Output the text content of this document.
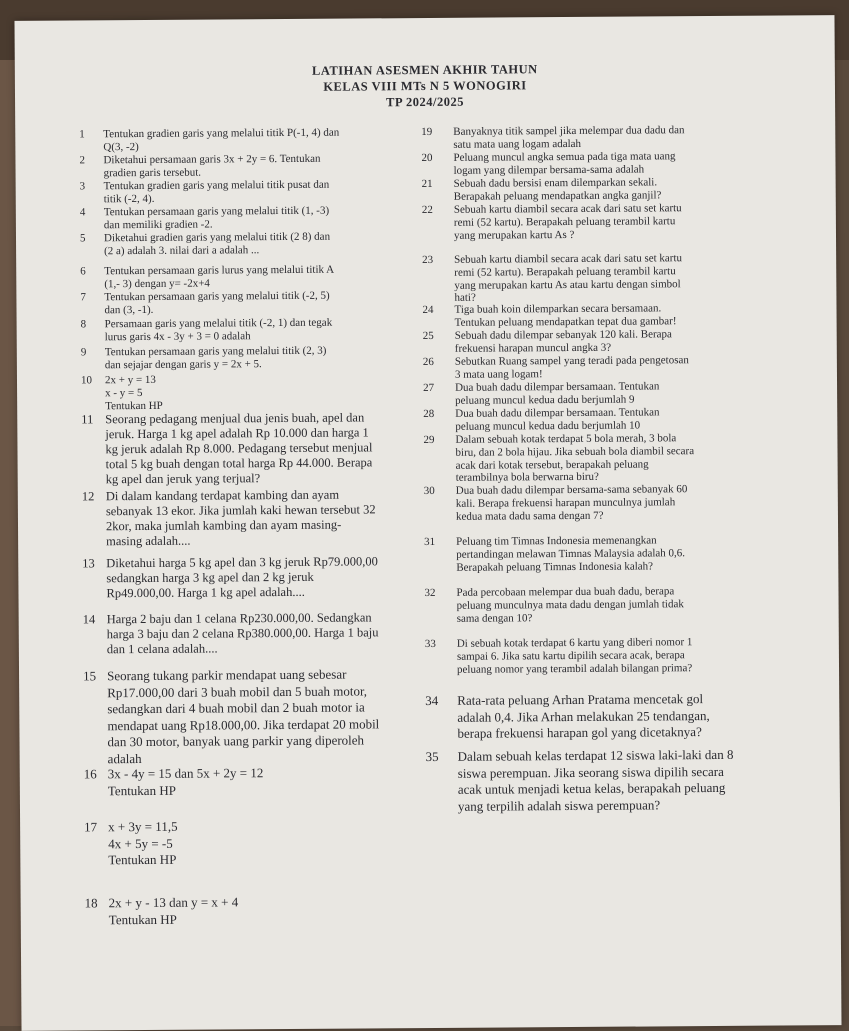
LATIHAN ASESMEN AKHIR TAHUN
KELAS VIII MTs N 5 WONOGIRI
TP 2024/2025
1	Tentukan gradien garis yang melalui titik P(-1, 4) dan
Q(3, -2)
2	Diketahui persamaan garis 3x + 2y = 6. Tentukan
gradien garis tersebut.
3	Tentukan gradien garis yang melalui titik pusat dan
titik (-2, 4).
4	Tentukan persamaan garis yang melalui titik (1, -3)
dan memiliki gradien -2.
5	Diketahui gradien garis yang melalui titik (2 8) dan
(2 a) adalah 3. nilai dari a adalah ...
6	Tentukan persamaan garis lurus yang melalui titik A
(1,- 3) dengan y= -2x+4
7	Tentukan persamaan garis yang melalui titik (-2, 5)
dan (3, -1).
8	Persamaan garis yang melalui titik (-2, 1) dan tegak
lurus garis 4x - 3y + 3 = 0 adalah
9	Tentukan persamaan garis yang melalui titik (2, 3)
dan sejajar dengan garis y = 2x + 5.
10	2x + y = 13
x - y = 5
Tentukan HP
11 Seorang pedagang menjual dua jenis buah, apel dan
jeruk. Harga 1 kg apel adalah Rp 10.000 dan harga 1
kg jeruk adalah Rp 8.000. Pedagang tersebut menjual
total 5 kg buah dengan total harga Rp 44.000. Berapa
kg apel dan jeruk yang terjual?
12 Di dalam kandang terdapat kambing dan ayam
sebanyak 13 ekor. Jika jumlah kaki hewan tersebut 32
2kor, maka jumlah kambing dan ayam masing-
masing adalah....
13 Diketahui harga 5 kg apel dan 3 kg jeruk Rp79.000,00
sedangkan harga 3 kg apel dan 2 kg jeruk
Rp49.000,00. Harga 1 kg apel adalah....
14 Harga 2 baju dan 1 celana Rp230.000,00. Sedangkan
harga 3 baju dan 2 celana Rp380.000,00. Harga 1 baju
dan 1 celana adalah....
15 Seorang tukang parkir mendapat uang sebesar
Rp17.000,00 dari 3 buah mobil dan 5 buah motor,
sedangkan dari 4 buah mobil dan 2 buah motor ia
mendapat uang Rp18.000,00. Jika terdapat 20 mobil
dan 30 motor, banyak uang parkir yang diperoleh
adalah
16 3x - 4y = 15 dan 5x + 2y = 12
Tentukan HP
17 x + 3y = 11,5
4x + 5y = -5
Tentukan HP
18 2x + y - 13 dan y = x + 4
Tentukan HP
19	Banyaknya titik sampel jika melempar dua dadu dan
satu mata uang logam adalah
20	Peluang muncul angka semua pada tiga mata uang
logam yang dilempar bersama-sama adalah
21	Sebuah dadu bersisi enam dilemparkan sekali.
Berapakah peluang mendapatkan angka ganjil?
22	Sebuah kartu diambil secara acak dari satu set kartu
remi (52 kartu). Berapakah peluang terambil kartu
yang merupakan kartu As ?
23	Sebuah kartu diambil secara acak dari satu set kartu
remi (52 kartu). Berapakah peluang terambil kartu
yang merupakan kartu As atau kartu dengan simbol
hati?
24	Tiga buah koin dilemparkan secara bersamaan.
Tentukan peluang mendapatkan tepat dua gambar!
25	Sebuah dadu dilempar sebanyak 120 kali. Berapa
frekuensi harapan muncul angka 3?
26	Sebutkan Ruang sampel yang teradi pada pengetosan
3 mata uang logam!
27	Dua buah dadu dilempar bersamaan. Tentukan
peluang muncul kedua dadu berjumlah 9
28	Dua buah dadu dilempar bersamaan. Tentukan
peluang muncul kedua dadu berjumlah 10
29	Dalam sebuah kotak terdapat 5 bola merah, 3 bola
biru, dan 2 bola hijau. Jika sebuah bola diambil secara
acak dari kotak tersebut, berapakah peluang
terambilnya bola berwarna biru?
30	Dua buah dadu dilempar bersama-sama sebanyak 60
kali. Berapa frekuensi harapan munculnya jumlah
kedua mata dadu sama dengan 7?
31	Peluang tim Timnas Indonesia memenangkan
pertandingan melawan Timnas Malaysia adalah 0,6.
Berapakah peluang Timnas Indonesia kalah?
32	Pada percobaan melempar dua buah dadu, berapa
peluang munculnya mata dadu dengan jumlah tidak
sama dengan 10?
33	Di sebuah kotak terdapat 6 kartu yang diberi nomor 1
sampai 6. Jika satu kartu dipilih secara acak, berapa
peluang nomor yang terambil adalah bilangan prima?
34	Rata-rata peluang Arhan Pratama mencetak gol
adalah 0,4. Jika Arhan melakukan 25 tendangan,
berapa frekuensi harapan gol yang dicetaknya?
35	Dalam sebuah kelas terdapat 12 siswa laki-laki dan 8
siswa perempuan. Jika seorang siswa dipilih secara
acak untuk menjadi ketua kelas, berapakah peluang
yang terpilih adalah siswa perempuan?
